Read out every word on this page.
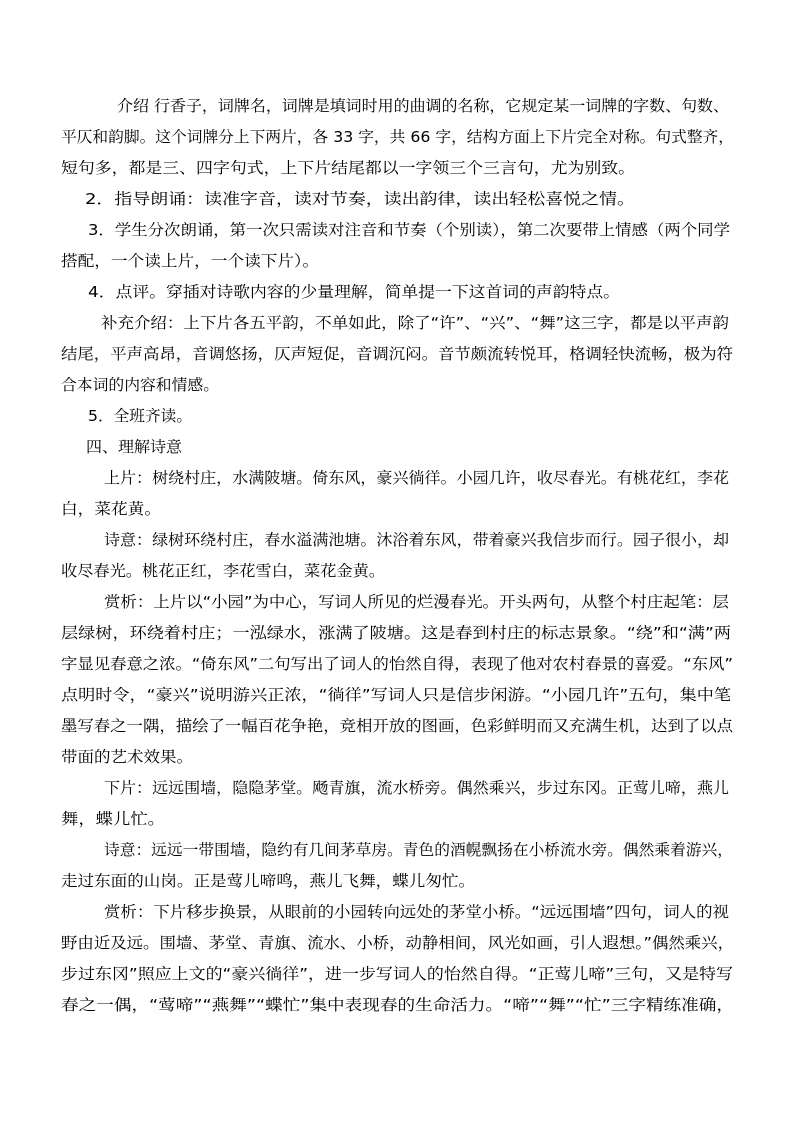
介绍 行香子，词牌名，词牌是填词时用的曲调的名称，它规定某一词牌的字数、句数、
平仄和韵脚。这个词牌分上下两片，各 33 字，共 66 字，结构方面上下片完全对称。句式整齐，
短句多，都是三、四字句式，上下片结尾都以一字领三个三言句，尤为别致。
2．指导朗诵：读准字音，读对节奏，读出韵律，读出轻松喜悦之情。
3．学生分次朗诵，第一次只需读对注音和节奏（个别读），第二次要带上情感（两个同学
搭配，一个读上片，一个读下片）。
4．点评。穿插对诗歌内容的少量理解，简单提一下这首词的声韵特点。
补充介绍：上下片各五平韵，不单如此，除了“许”、“兴”、“舞”这三字，都是以平声韵
结尾，平声高昂，音调悠扬，仄声短促，音调沉闷。音节颇流转悦耳，格调轻快流畅，极为符
合本词的内容和情感。
5．全班齐读。
四、理解诗意
上片：树绕村庄，水满陂塘。倚东风，豪兴徜徉。小园几许，收尽春光。有桃花红，李花
白，菜花黄。
诗意：绿树环绕村庄，春水溢满池塘。沐浴着东风，带着豪兴我信步而行。园子很小，却
收尽春光。桃花正红，李花雪白，菜花金黄。
赏析：上片以“小园”为中心，写词人所见的烂漫春光。开头两句，从整个村庄起笔：层
层绿树，环绕着村庄；一泓绿水，涨满了陂塘。这是春到村庄的标志景象。“绕”和“满”两
字显见春意之浓。“倚东风”二句写出了词人的怡然自得，表现了他对农村春景的喜爱。“东风”
点明时令，“豪兴”说明游兴正浓，“徜徉”写词人只是信步闲游。“小园几许”五句，集中笔
墨写春之一隅，描绘了一幅百花争艳，竞相开放的图画，色彩鲜明而又充满生机，达到了以点
带面的艺术效果。
下片：远远围墙，隐隐茅堂。飏青旗，流水桥旁。偶然乘兴，步过东冈。正莺儿啼，燕儿
舞，蝶儿忙。
诗意：远远一带围墙，隐约有几间茅草房。青色的酒幌飘扬在小桥流水旁。偶然乘着游兴，
走过东面的山岗。正是莺儿啼鸣，燕儿飞舞，蝶儿匆忙。
赏析：下片移步换景，从眼前的小园转向远处的茅堂小桥。“远远围墙”四句，词人的视
野由近及远。围墙、茅堂、青旗、流水、小桥，动静相间，风光如画，引人遐想。”偶然乘兴，
步过东冈”照应上文的“豪兴徜徉”，进一步写词人的怡然自得。“正莺儿啼”三句，又是特写
春之一偶，“莺啼”“燕舞”“蝶忙”集中表现春的生命活力。“啼”“舞”“忙”三字精练准确，
